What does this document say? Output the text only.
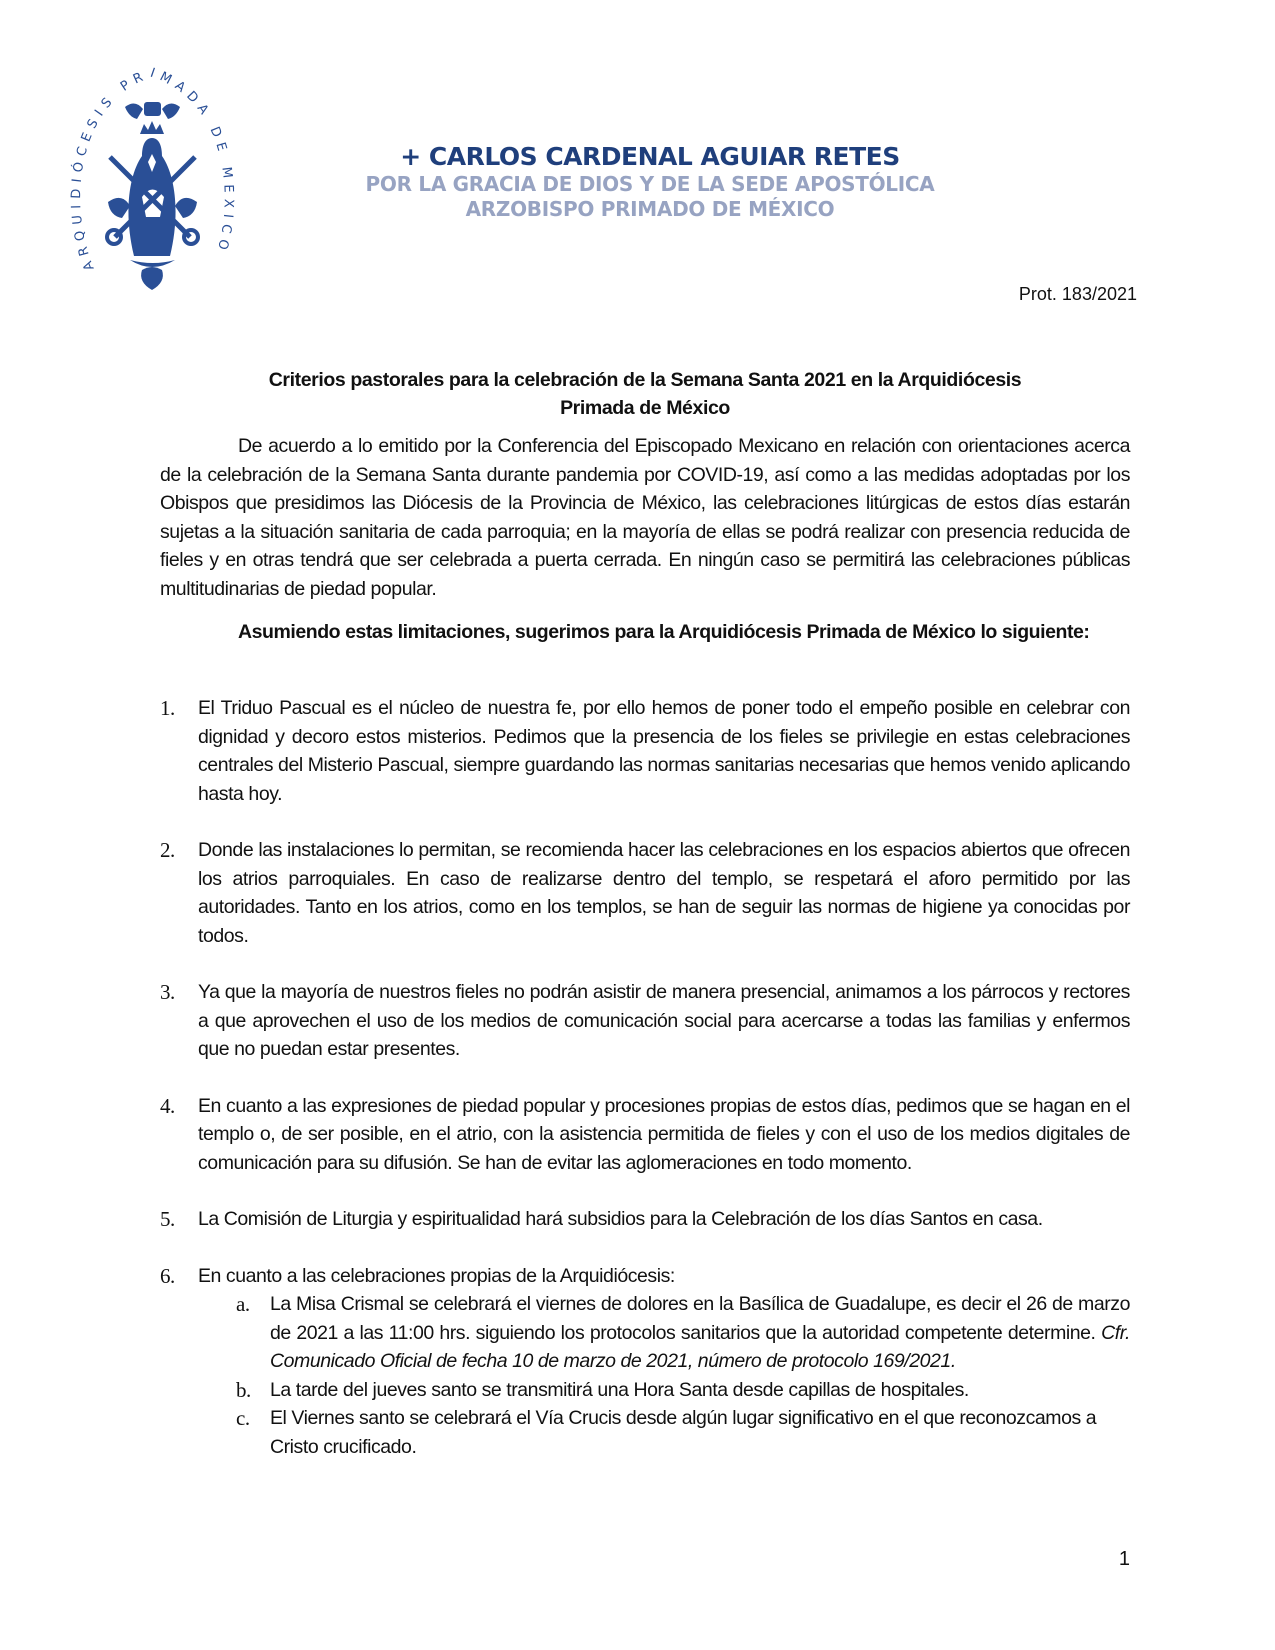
ARQUIDIÓCESIS PRIMADA DE MÉXICO
+ CARLOS CARDENAL AGUIAR RETES
POR LA GRACIA DE DIOS Y DE LA SEDE APOSTÓLICA
ARZOBISPO PRIMADO DE MÉXICO
Prot. 183/2021
Criterios pastorales para la celebración de la Semana Santa 2021 en la Arquidiócesis
Primada de México
De acuerdo a lo emitido por la Conferencia del Episcopado Mexicano en relación con orientaciones acerca de la celebración de la Semana Santa durante pandemia por COVID-19, así como a las medidas adoptadas por los Obispos que presidimos las Diócesis de la Provincia de México, las celebraciones litúrgicas de estos días estarán sujetas a la situación sanitaria de cada parroquia; en la mayoría de ellas se podrá realizar con presencia reducida de fieles y en otras tendrá que ser celebrada a puerta cerrada. En ningún caso se permitirá las celebraciones públicas multitudinarias de piedad popular.
Asumiendo estas limitaciones, sugerimos para la Arquidiócesis Primada de México lo siguiente:
1. El Triduo Pascual es el núcleo de nuestra fe, por ello hemos de poner todo el empeño posible en celebrar con dignidad y decoro estos misterios. Pedimos que la presencia de los fieles se privilegie en estas celebraciones centrales del Misterio Pascual, siempre guardando las normas sanitarias necesarias que hemos venido aplicando hasta hoy.
2. Donde las instalaciones lo permitan, se recomienda hacer las celebraciones en los espacios abiertos que ofrecen los atrios parroquiales. En caso de realizarse dentro del templo, se respetará el aforo permitido por las autoridades. Tanto en los atrios, como en los templos, se han de seguir las normas de higiene ya conocidas por todos.
3. Ya que la mayoría de nuestros fieles no podrán asistir de manera presencial, animamos a los párrocos y rectores a que aprovechen el uso de los medios de comunicación social para acercarse a todas las familias y enfermos que no puedan estar presentes.
4. En cuanto a las expresiones de piedad popular y procesiones propias de estos días, pedimos que se hagan en el templo o, de ser posible, en el atrio, con la asistencia permitida de fieles y con el uso de los medios digitales de comunicación para su difusión. Se han de evitar las aglomeraciones en todo momento.
5. La Comisión de Liturgia y espiritualidad hará subsidios para la Celebración de los días Santos en casa.
6. En cuanto a las celebraciones propias de la Arquidiócesis:
a.	La Misa Crismal se celebrará el viernes de dolores en la Basílica de Guadalupe, es decir el 26 de marzo de 2021 a las 11:00 hrs. siguiendo los protocolos sanitarios que la autoridad competente determine. Cfr. Comunicado Oficial de fecha 10 de marzo de 2021, número de protocolo 169/2021.
b. La tarde del jueves santo se transmitirá una Hora Santa desde capillas de hospitales.
c.	El Viernes santo se celebrará el Vía Crucis desde algún lugar significativo en el que reconozcamos a Cristo crucificado.
1
